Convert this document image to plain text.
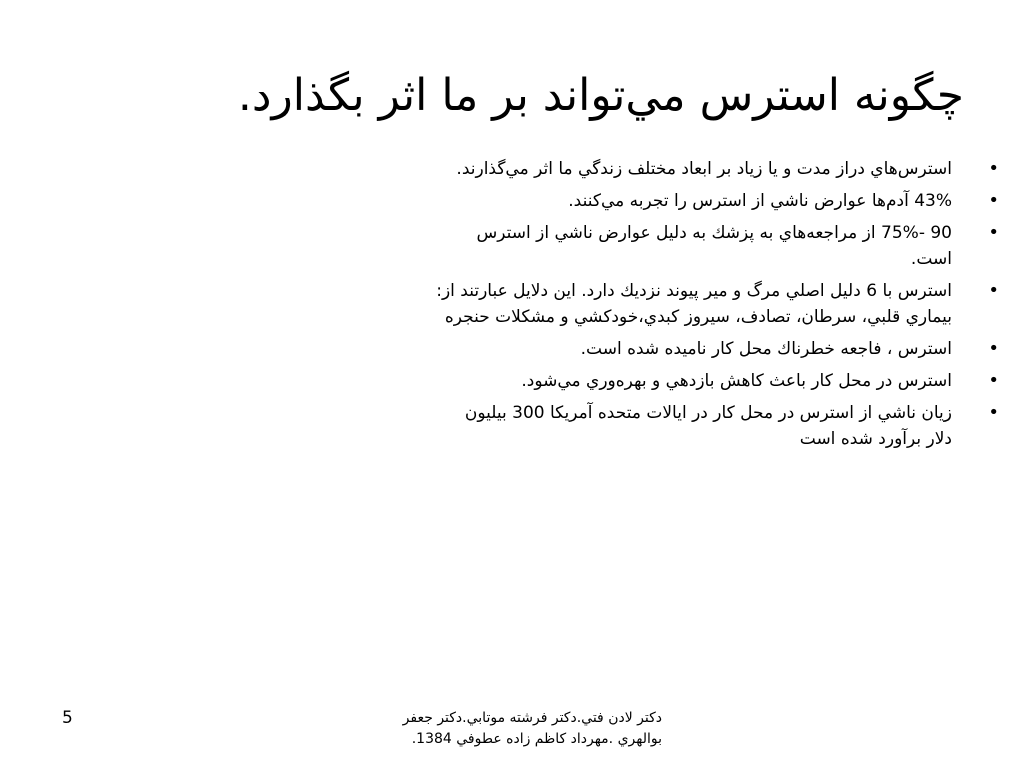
چگونه استرس مي‌تواند بر ما اثر بگذارد.
•
استرس‌هاي دراز مدت و يا زياد بر ابعاد مختلف زندگي ما اثر مي‌گذارند.
•
43% آدم‌ها عوارض ناشي از استرس را تجربه مي‌كنند.
•
90 -75% از مراجعه‌هاي به پزشك به دليل عوارض ناشي از استرس است.
•
استرس با 6 دليل اصلي مرگ و مير پيوند نزديك دارد. اين دلايل عبارتند از: بيماري قلبي، سرطان، تصادف، سيروز كبدي،خودكشي و مشكلات حنجره
•
استرس ، فاجعه خطرناك محل كار ناميده شده است.
•
استرس در محل كار باعث كاهش بازدهي و بهره‌وري مي‌شود.
•
زيان ناشي از استرس در محل كار در ايالات متحده آمريكا 300 بيليون دلار برآورد شده است

دكتر لادن فتي.دكتر فرشته موتابي.دكتر جعفر بوالهري .مهرداد كاظم زاده عطوفي 1384.

5
